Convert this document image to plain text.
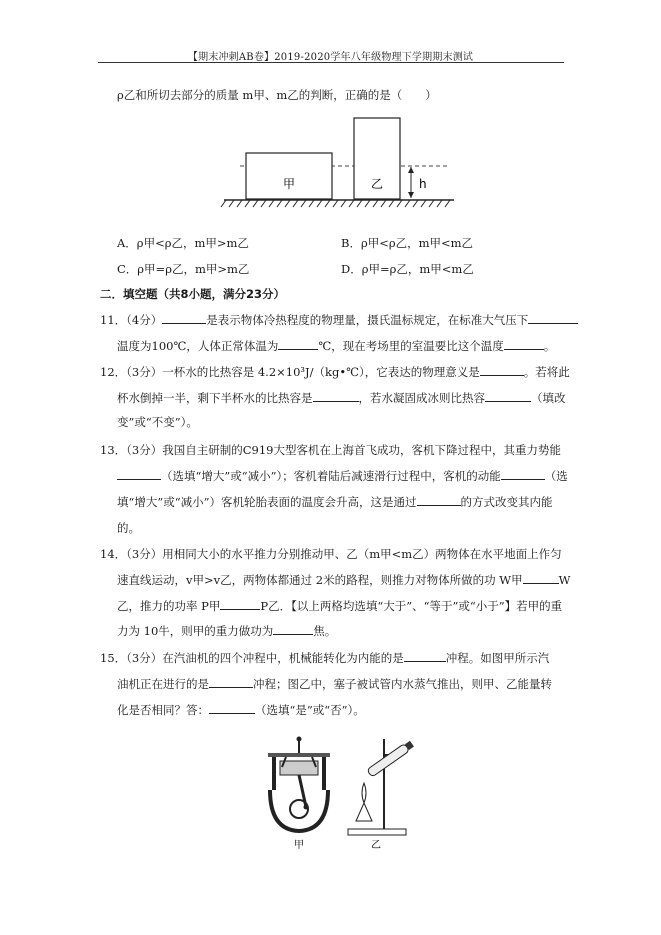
【期末冲刺AB卷】2019-2020学年八年级物理下学期期末测试
ρ乙和所切去部分的质量 m甲、m乙的判断，正确的是（　　）
甲	乙	h
A．ρ甲<ρ乙，m甲>m乙	B．ρ甲<ρ乙，m甲<m乙
C．ρ甲=ρ乙，m甲>m乙	D．ρ甲=ρ乙，m甲<m乙
二．填空题（共8小题，满分23分）
11．（4分）	是表示物体冷热程度的物理量，摄氏温标规定，在标准大气压下
温度为100℃，人体正常体温为	℃，现在考场里的室温要比这个温度	。
12．（3分）一杯水的比热容是 4.2×10³J/（kg•℃），它表达的物理意义是	。若将此
杯水倒掉一半，剩下半杯水的比热容是	，若水凝固成冰则比热容	（填改
变”或“不变”）。
13．（3分）我国自主研制的C919大型客机在上海首飞成功，客机下降过程中，其重力势能
（选填“增大”或“减小”）；客机着陆后减速滑行过程中，客机的动能	（选
填“增大”或“减小”）客机轮胎表面的温度会升高，这是通过	的方式改变其内能
的。
14．（3分）用相同大小的水平推力分别推动甲、乙（m甲<m乙）两物体在水平地面上作匀
速直线运动，v甲>v乙，两物体都通过 2米的路程，则推力对物体所做的功 W甲	W
乙，推力的功率 P甲	P乙．【以上两格均选填“大于”、“等于”或“小于”】若甲的重
力为 10牛，则甲的重力做功为	焦。
15．（3分）在汽油机的四个冲程中，机械能转化为内能的是	冲程。如图甲所示汽
油机正在进行的是	冲程；图乙中，塞子被试管内水蒸气推出，则甲、乙能量转
化是否相同？答：	（选填“是”或“否”）。
甲	乙
